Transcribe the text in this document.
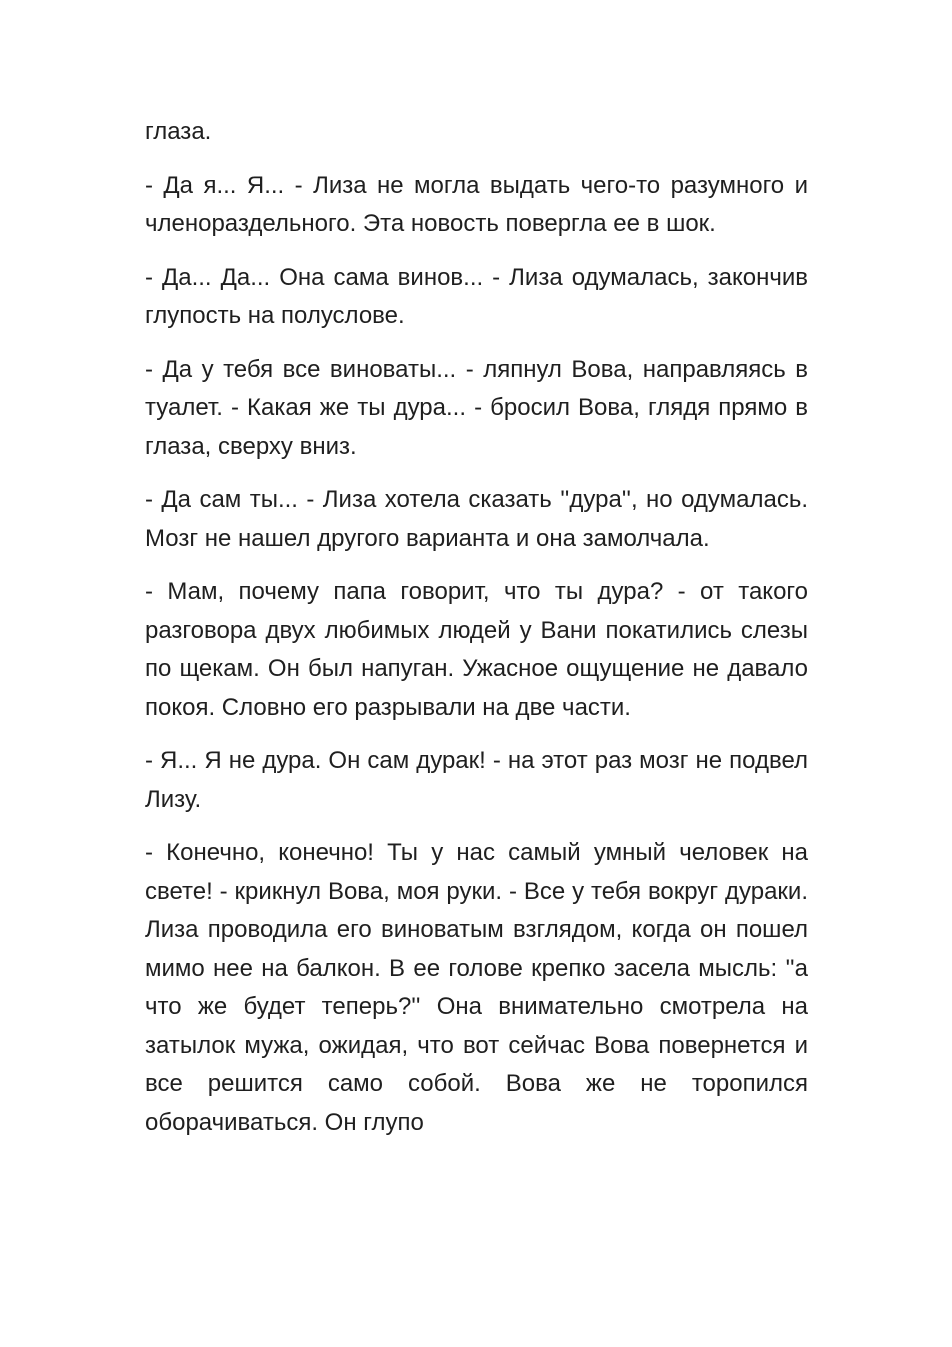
глаза.

- Да я... Я... - Лиза не могла выдать чего-то разумного и членораздельного. Эта новость повергла ее в шок.

- Да... Да... Она сама винов... - Лиза одумалась, закончив глупость на полуслове.

- Да у тебя все виноваты... - ляпнул Вова, направляясь в туалет. - Какая же ты дура... - бросил Вова, глядя прямо в глаза, сверху вниз.

- Да сам ты... - Лиза хотела сказать ''дура'', но одумалась. Мозг не нашел другого варианта и она замолчала.

- Мам, почему папа говорит, что ты дура? - от такого разговора двух любимых людей у Вани покатились слезы по щекам. Он был напуган. Ужасное ощущение не давало покоя. Словно его разрывали на две части.

- Я... Я не дура. Он сам дурак! - на этот раз мозг не подвел Лизу.

- Конечно, конечно! Ты у нас самый умный человек на свете! - крикнул Вова, моя руки. - Все у тебя вокруг дураки. Лиза проводила его виноватым взглядом, когда он пошел мимо нее на балкон. В ее голове крепко засела мысль: ''а что же будет теперь?'' Она внимательно смотрела на затылок мужа, ожидая, что вот сейчас Вова повернется и все решится само собой. Вова же не торопился оборачиваться. Он глупо
